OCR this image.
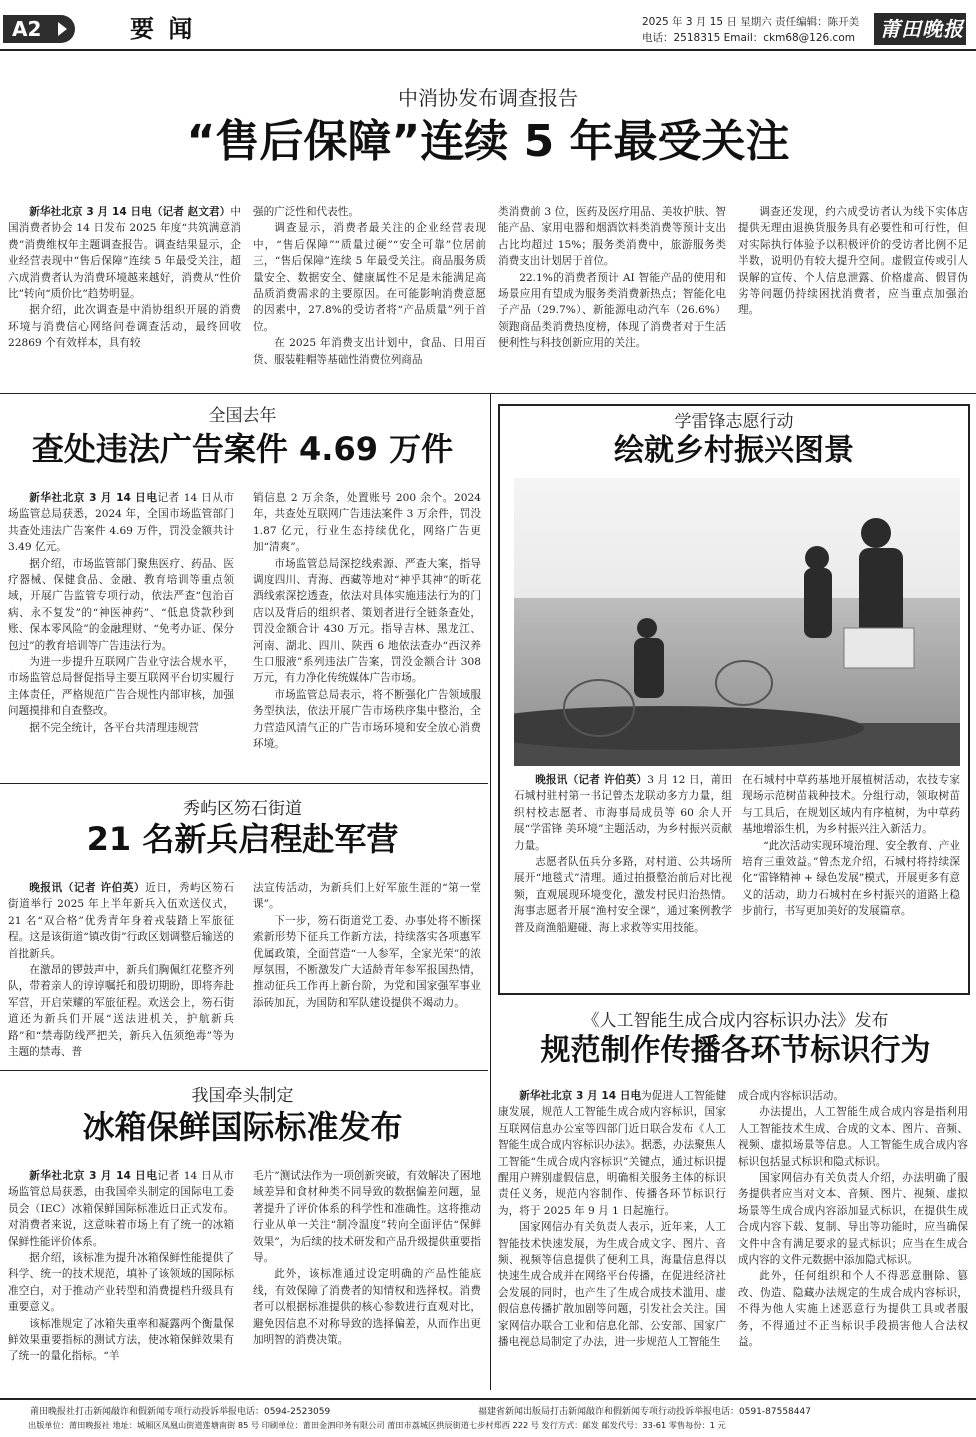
A2	要 闻	2025 年 3 月 15 日 星期六 责任编辑：陈开美
电话：2518315 Email：ckm68@126.com 莆田晚报
中消协发布调查报告
“售后保障”连续 5 年最受关注

新华社北京 3 月 14 日电（记者 赵文君）中国消费者协会 14 日发布 2025 年度“共筑满意消费”消费维权年主题调查报告。调查结果显示，企业经营表现中“售后保障”连续 5 年最受关注，超六成消费者认为消费环境越来越好，消费从“性价比”转向“质价比”趋势明显。

据介绍，此次调查是中消协组织开展的消费环境与消费信心网络问卷调查活动，最终回收 22869 个有效样本，具有较

强的广泛性和代表性。

调查显示，消费者最关注的企业经营表现中，“售后保障”“质量过硬”“安全可靠”位居前三，“售后保障”连续 5 年最受关注。商品服务质量安全、数据安全、健康属性不足是未能满足高品质消费需求的主要原因。在可能影响消费意愿的因素中，27.8%的受访者将“产品质量”列于首位。

在 2025 年消费支出计划中，食品、日用百货、服装鞋帽等基础性消费位列商品

类消费前 3 位，医药及医疗用品、美妆护肤、智能产品、家用电器和烟酒饮料类消费等预计支出占比均超过 15%；服务类消费中，旅游服务类消费支出计划居于首位。

22.1%的消费者预计 AI 智能产品的使用和场景应用有望成为服务类消费新热点；智能化电子产品（29.7%）、新能源电动汽车（26.6%）领跑商品类消费热度榜，体现了消费者对于生活便利性与科技创新应用的关注。

调查还发现，约六成受访者认为线下实体店提供无理由退换货服务具有必要性和可行性，但对实际执行体验予以积极评价的受访者比例不足半数，说明仍有较大提升空间。虚假宣传或引人误解的宣传、个人信息泄露、价格虚高、假冒伪劣等问题仍持续困扰消费者，应当重点加强治理。

全国去年
查处违法广告案件 4.69 万件

新华社北京 3 月 14 日电记者 14 日从市场监管总局获悉，2024 年，全国市场监管部门共查处违法广告案件 4.69 万件，罚没金额共计 3.49 亿元。

据介绍，市场监管部门聚焦医疗、药品、医疗器械、保健食品、金融、教育培训等重点领域，开展广告监管专项行动，依法严查“包治百病、永不复发”的“神医神药”、“低息贷款秒到账、保本零风险”的金融理财、“免考办证、保分包过”的教育培训等广告违法行为。

为进一步提升互联网广告业守法合规水平，市场监管总局督促指导主要互联网平台切实履行主体责任，严格规范广告合规性内部审核，加强问题摸排和自查整改。

据不完全统计，各平台共清理违规营

销信息 2 万余条，处置账号 200 余个。2024 年，共查处互联网广告违法案件 3 万余件，罚没 1.87 亿元，行业生态持续优化，网络广告更加“清爽”。

市场监管总局深挖线索源、严查大案，指导调度四川、青海、西藏等地对“神乎其神”的昕花酒线索深挖透查，依法对具体实施违法行为的门店以及背后的组织者、策划者进行全链条查处，罚没金额合计 430 万元。指导吉林、黑龙江、河南、湖北、四川、陕西 6 地依法查办“西汉养生口服液”系列违法广告案，罚没金额合计 308 万元，有力净化传统媒体广告市场。

市场监管总局表示，将不断强化广告领域服务型执法，依法开展广告市场秩序集中整治，全力营造风清气正的广告市场环境和安全放心消费环境。

学雷锋志愿行动
绘就乡村振兴图景

晚报讯（记者 许伯英）3 月 12 日，莆田石城村驻村第一书记曾杰龙联动多方力量，组织村校志愿者、市海事局成员等 60 余人开展“学雷锋 美环境”主题活动，为乡村振兴贡献力量。

志愿者队伍兵分多路，对村道、公共场所展开“地毯式”清理。通过拍摄整治前后对比视频，直观展现环境变化，激发村民归治热情。海事志愿者开展“渔村安全课”，通过案例教学普及商渔船避碰、海上求救等实用技能。

在石城村中草药基地开展植树活动，农技专家现场示范树苗栽种技术。分组行动，领取树苗与工具后，在规划区域内有序植树，为中草药基地增添生机，为乡村振兴注入新活力。

“此次活动实现环境治理、安全教育、产业培育三重效益。”曾杰龙介绍，石城村将持续深化“雷锋精神 + 绿色发展”模式，开展更多有意义的活动，助力石城村在乡村振兴的道路上稳步前行，书写更加美好的发展篇章。

秀屿区笏石街道
21 名新兵启程赴军营

晚报讯（记者 许伯英）近日，秀屿区笏石街道举行 2025 年上半年新兵入伍欢送仪式，21 名“双合格”优秀青年身着戎装踏上军旅征程。这是该街道“镇改街”行政区划调整后输送的首批新兵。

在激昂的锣鼓声中，新兵们胸佩红花整齐列队，带着亲人的谆谆嘱托和殷切期盼，即将奔赴军营，开启荣耀的军旅征程。欢送会上，笏石街道还为新兵们开展“送法进机关，护航新兵路”和“禁毒防线严把关，新兵入伍须绝毒”等为主题的禁毒、普

法宣传活动，为新兵们上好军旅生涯的“第一堂课”。

下一步，笏石街道党工委、办事处将不断探索新形势下征兵工作新方法，持续落实各项惠军优属政策，全面营造“一人参军，全家光荣”的浓厚氛围，不断激发广大适龄青年参军报国热情，推动征兵工作再上新台阶，为党和国家强军事业添砖加瓦，为国防和军队建设提供不竭动力。

我国牵头制定
冰箱保鲜国际标准发布

新华社北京 3 月 14 日电记者 14 日从市场监管总局获悉，由我国牵头制定的国际电工委员会（IEC）冰箱保鲜国际标准近日正式发布。对消费者来说，这意味着市场上有了统一的冰箱保鲜性能评价体系。

据介绍，该标准为提升冰箱保鲜性能提供了科学、统一的技术规范，填补了该领域的国际标准空白，对于推动产业转型和消费提档升级具有重要意义。

该标准规定了冰箱失重率和凝露两个衡量保鲜效果重要指标的测试方法，使冰箱保鲜效果有了统一的量化指标。“羊

毛片”测试法作为一项创新突破，有效解决了困地域差异和食材种类不同导致的数据偏差问题，显著提升了评价体系的科学性和准确性。这将推动行业从单一关注“制冷温度”转向全面评估“保鲜效果”，为后续的技术研发和产品升级提供重要指导。

此外，该标准通过设定明确的产品性能底线，有效保障了消费者的知情权和选择权。消费者可以根据标准提供的核心参数进行直观对比，避免因信息不对称导致的选择偏差，从而作出更加明智的消费决策。

《人工智能生成合成内容标识办法》发布
规范制作传播各环节标识行为

新华社北京 3 月 14 日电为促进人工智能健康发展，规范人工智能生成合成内容标识，国家互联网信息办公室等四部门近日联合发布《人工智能生成合成内容标识办法》。据悉，办法聚焦人工智能“生成合成内容标识”关键点，通过标识提醒用户辨别虚假信息，明确相关服务主体的标识责任义务，规范内容制作、传播各环节标识行为，将于 2025 年 9 月 1 日起施行。

国家网信办有关负责人表示，近年来，人工智能技术快速发展，为生成合成文字、图片、音频、视频等信息提供了便利工具，海量信息得以快速生成合成并在网络平台传播，在促进经济社会发展的同时，也产生了生成合成技术滥用、虚假信息传播扩散加剧等问题，引发社会关注。国家网信办联合工业和信息化部、公安部、国家广播电视总局制定了办法，进一步规范人工智能生

成合成内容标识活动。

办法提出，人工智能生成合成内容是指利用人工智能技术生成、合成的文本、图片、音频、视频、虚拟场景等信息。人工智能生成合成内容标识包括显式标识和隐式标识。

国家网信办有关负责人介绍，办法明确了服务提供者应当对文本、音频、图片、视频、虚拟场景等生成合成内容添加显式标识，在提供生成合成内容下载、复制、导出等功能时，应当确保文件中含有满足要求的显式标识；应当在生成合成内容的文件元数据中添加隐式标识。

此外，任何组织和个人不得恶意删除、篡改、伪造、隐藏办法规定的生成合成内容标识，不得为他人实施上述恶意行为提供工具或者服务，不得通过不正当标识手段损害他人合法权益。

莆田晚报社打击新闻敲诈和假新闻专项行动投诉举报电话：0594-2523059	福建省新闻出版局打击新闻敲诈和假新闻专项行动投诉举报电话：0591-87558447
出版单位：莆田晚报社 地址：城厢区凤凰山街道莲塘南街 85 号 印刷单位：莆田金泗印务有限公司 莆田市荔城区拱辰街道七步村郑西 222 号 发行方式：邮发 邮发代号：33-61 零售每份：1 元
